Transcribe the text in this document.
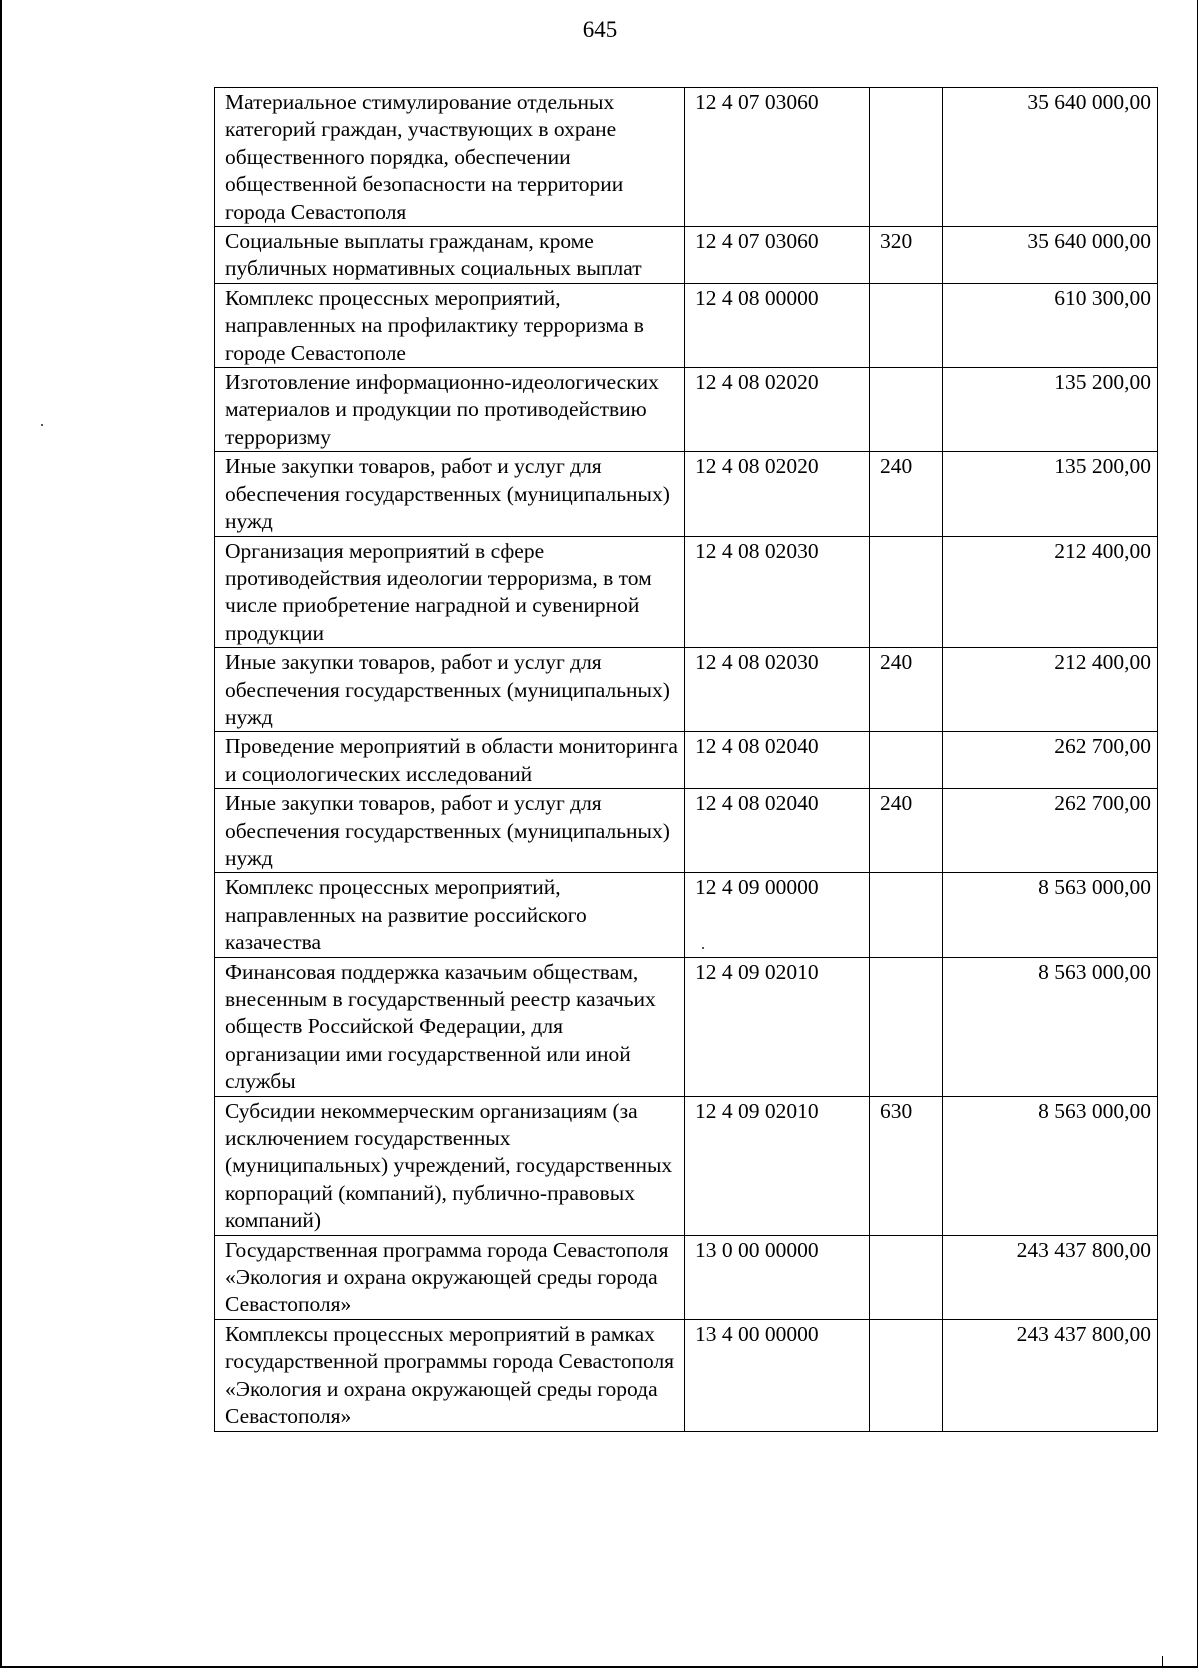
645
Материальное стимулирование отдельных категорий граждан, участвующих в охране общественного порядка, обеспечении общественной безопасности на территории города Севастополя	12 4 07 03060		35 640 000,00
Социальные выплаты гражданам, кроме публичных нормативных социальных выплат	12 4 07 03060	320	35 640 000,00
Комплекс процессных мероприятий, направленных на профилактику терроризма в городе Севастополе	12 4 08 00000		610 300,00
Изготовление информационно-идеологических материалов и продукции по противодействию терроризму	12 4 08 02020		135 200,00
Иные закупки товаров, работ и услуг для обеспечения государственных (муниципальных) нужд	12 4 08 02020	240	135 200,00
Организация мероприятий в сфере противодействия идеологии терроризма, в том числе приобретение наградной и сувенирной продукции	12 4 08 02030		212 400,00
Иные закупки товаров, работ и услуг для обеспечения государственных (муниципальных) нужд	12 4 08 02030	240	212 400,00
Проведение мероприятий в области мониторинга и социологических исследований	12 4 08 02040		262 700,00
Иные закупки товаров, работ и услуг для обеспечения государственных (муниципальных) нужд	12 4 08 02040	240	262 700,00
Комплекс процессных мероприятий, направленных на развитие российского казачества	12 4 09 00000		8 563 000,00
Финансовая поддержка казачьим обществам, внесенным в государственный реестр казачьих обществ Российской Федерации, для организации ими государственной или иной службы	12 4 09 02010		8 563 000,00
Субсидии некоммерческим организациям (за исключением государственных (муниципальных) учреждений, государственных корпораций (компаний), публично-правовых компаний)	12 4 09 02010	630	8 563 000,00
Государственная программа города Севастополя «Экология и охрана окружающей среды города Севастополя»	13 0 00 00000		243 437 800,00
Комплексы процессных мероприятий в рамках государственной программы города Севастополя «Экология и охрана окружающей среды города Севастополя»	13 4 00 00000		243 437 800,00
